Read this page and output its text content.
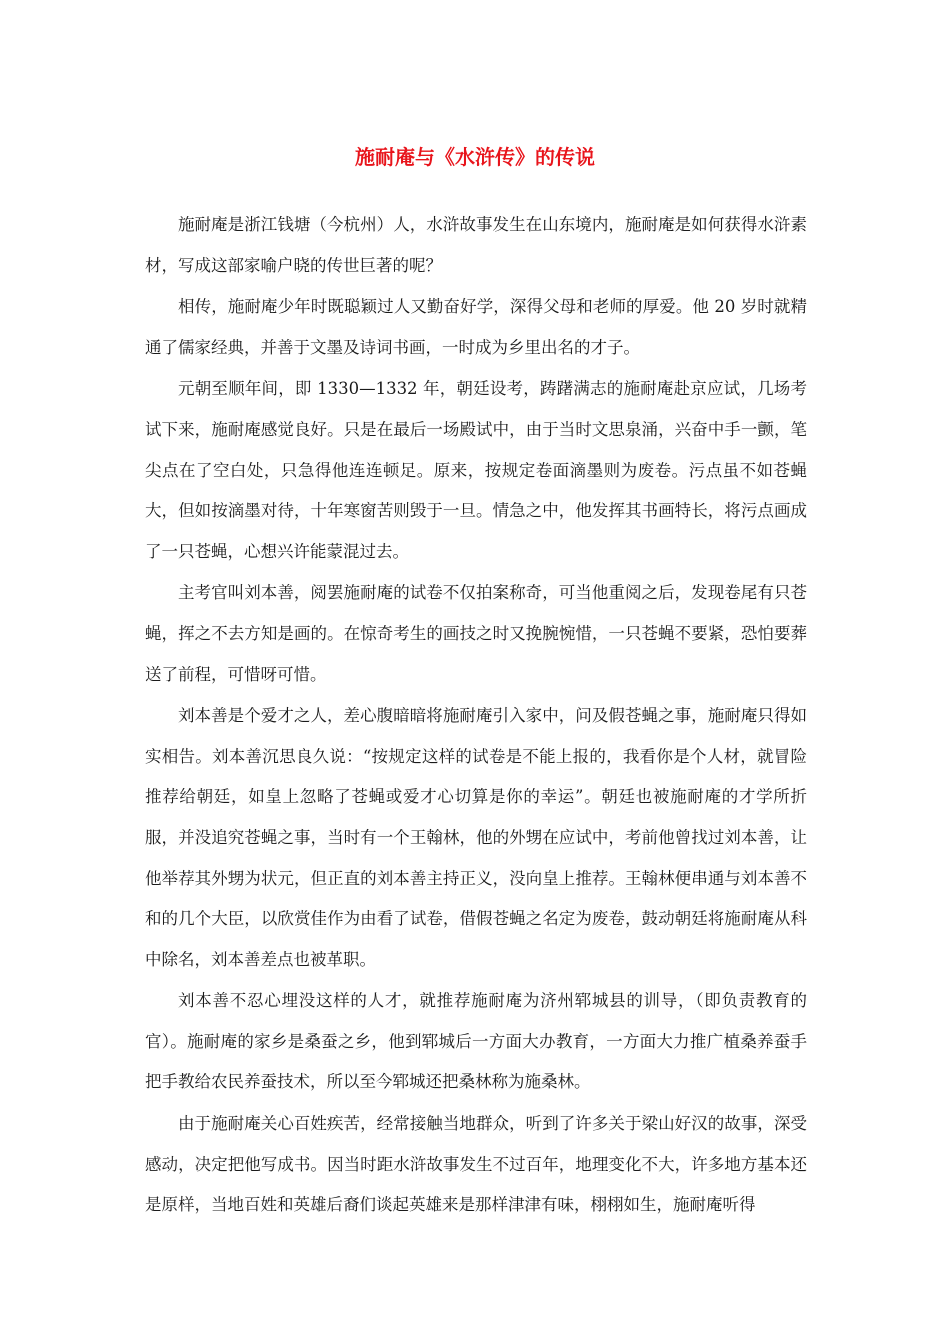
施耐庵与《水浒传》的传说

施耐庵是浙江钱塘（今杭州）人，水浒故事发生在山东境内，施耐庵是如何获得水浒素材，写成这部家喻户晓的传世巨著的呢？

相传，施耐庵少年时既聪颖过人又勤奋好学，深得父母和老师的厚爱。他 20 岁时就精通了儒家经典，并善于文墨及诗词书画，一时成为乡里出名的才子。

元朝至顺年间，即 1330—1332 年，朝廷设考，踌躇满志的施耐庵赴京应试，几场考试下来，施耐庵感觉良好。只是在最后一场殿试中，由于当时文思泉涌，兴奋中手一颤，笔尖点在了空白处，只急得他连连顿足。原来，按规定卷面滴墨则为废卷。污点虽不如苍蝇大，但如按滴墨对待，十年寒窗苦则毁于一旦。情急之中，他发挥其书画特长，将污点画成了一只苍蝇，心想兴许能蒙混过去。

主考官叫刘本善，阅罢施耐庵的试卷不仅拍案称奇，可当他重阅之后，发现卷尾有只苍蝇，挥之不去方知是画的。在惊奇考生的画技之时又挽腕惋惜，一只苍蝇不要紧，恐怕要葬送了前程，可惜呀可惜。

刘本善是个爱才之人，差心腹暗暗将施耐庵引入家中，问及假苍蝇之事，施耐庵只得如实相告。刘本善沉思良久说：“按规定这样的试卷是不能上报的，我看你是个人材，就冒险推荐给朝廷，如皇上忽略了苍蝇或爱才心切算是你的幸运”。朝廷也被施耐庵的才学所折服，并没追究苍蝇之事，当时有一个王翰林，他的外甥在应试中，考前他曾找过刘本善，让他举荐其外甥为状元，但正直的刘本善主持正义，没向皇上推荐。王翰林便串通与刘本善不和的几个大臣，以欣赏佳作为由看了试卷，借假苍蝇之名定为废卷，鼓动朝廷将施耐庵从科中除名，刘本善差点也被革职。

刘本善不忍心埋没这样的人才，就推荐施耐庵为济州郓城县的训导，（即负责教育的官）。施耐庵的家乡是桑蚕之乡，他到郓城后一方面大办教育，一方面大力推广植桑养蚕手把手教给农民养蚕技术，所以至今郓城还把桑林称为施桑林。

由于施耐庵关心百姓疾苦，经常接触当地群众，听到了许多关于梁山好汉的故事，深受感动，决定把他写成书。因当时距水浒故事发生不过百年，地理变化不大，许多地方基本还是原样，当地百姓和英雄后裔们谈起英雄来是那样津津有味，栩栩如生，施耐庵听得
